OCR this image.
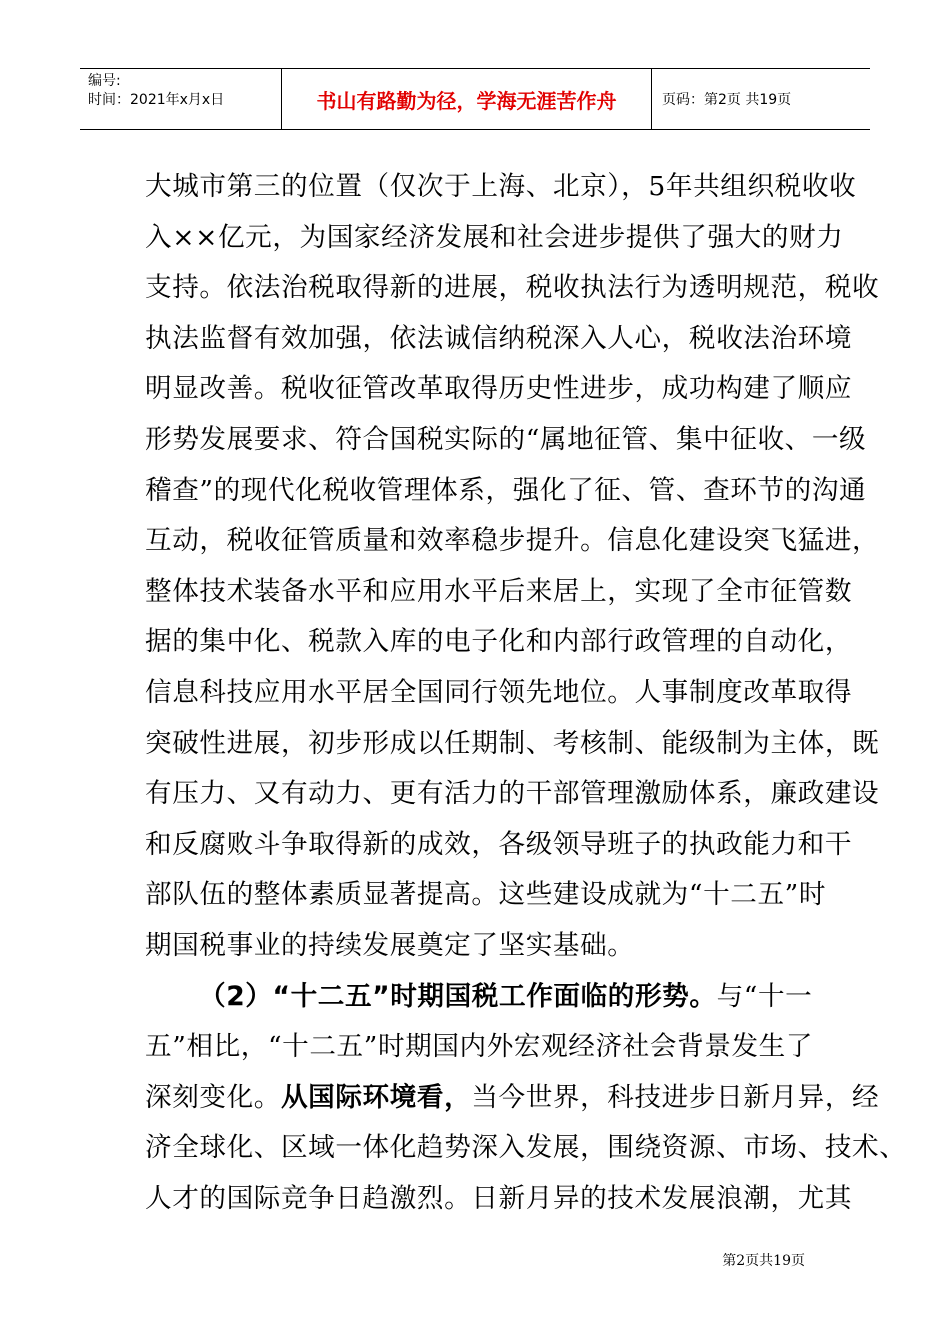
编号:
时间：2021年x月x日	书山有路勤为径，学海无涯苦作舟	页码：第2页 共19页
大城市第三的位置（仅次于上海、北京），5年共组织税收收
入××亿元，为国家经济发展和社会进步提供了强大的财力
支持。依法治税取得新的进展，税收执法行为透明规范，税收
执法监督有效加强，依法诚信纳税深入人心，税收法治环境
明显改善。税收征管改革取得历史性进步，成功构建了顺应
形势发展要求、符合国税实际的“属地征管、集中征收、一级
稽查”的现代化税收管理体系，强化了征、管、查环节的沟通
互动，税收征管质量和效率稳步提升。信息化建设突飞猛进，
整体技术装备水平和应用水平后来居上，实现了全市征管数
据的集中化、税款入库的电子化和内部行政管理的自动化，
信息科技应用水平居全国同行领先地位。人事制度改革取得
突破性进展，初步形成以任期制、考核制、能级制为主体，既
有压力、又有动力、更有活力的干部管理激励体系，廉政建设
和反腐败斗争取得新的成效，各级领导班子的执政能力和干
部队伍的整体素质显著提高。这些建设成就为“十二五”时
期国税事业的持续发展奠定了坚实基础。
（2）“十二五”时期国税工作面临的形势。与“十一
五”相比，“十二五”时期国内外宏观经济社会背景发生了
深刻变化。从国际环境看，当今世界，科技进步日新月异，经
济全球化、区域一体化趋势深入发展，围绕资源、市场、技术、
人才的国际竞争日趋激烈。日新月异的技术发展浪潮，尤其
第2页共19页
